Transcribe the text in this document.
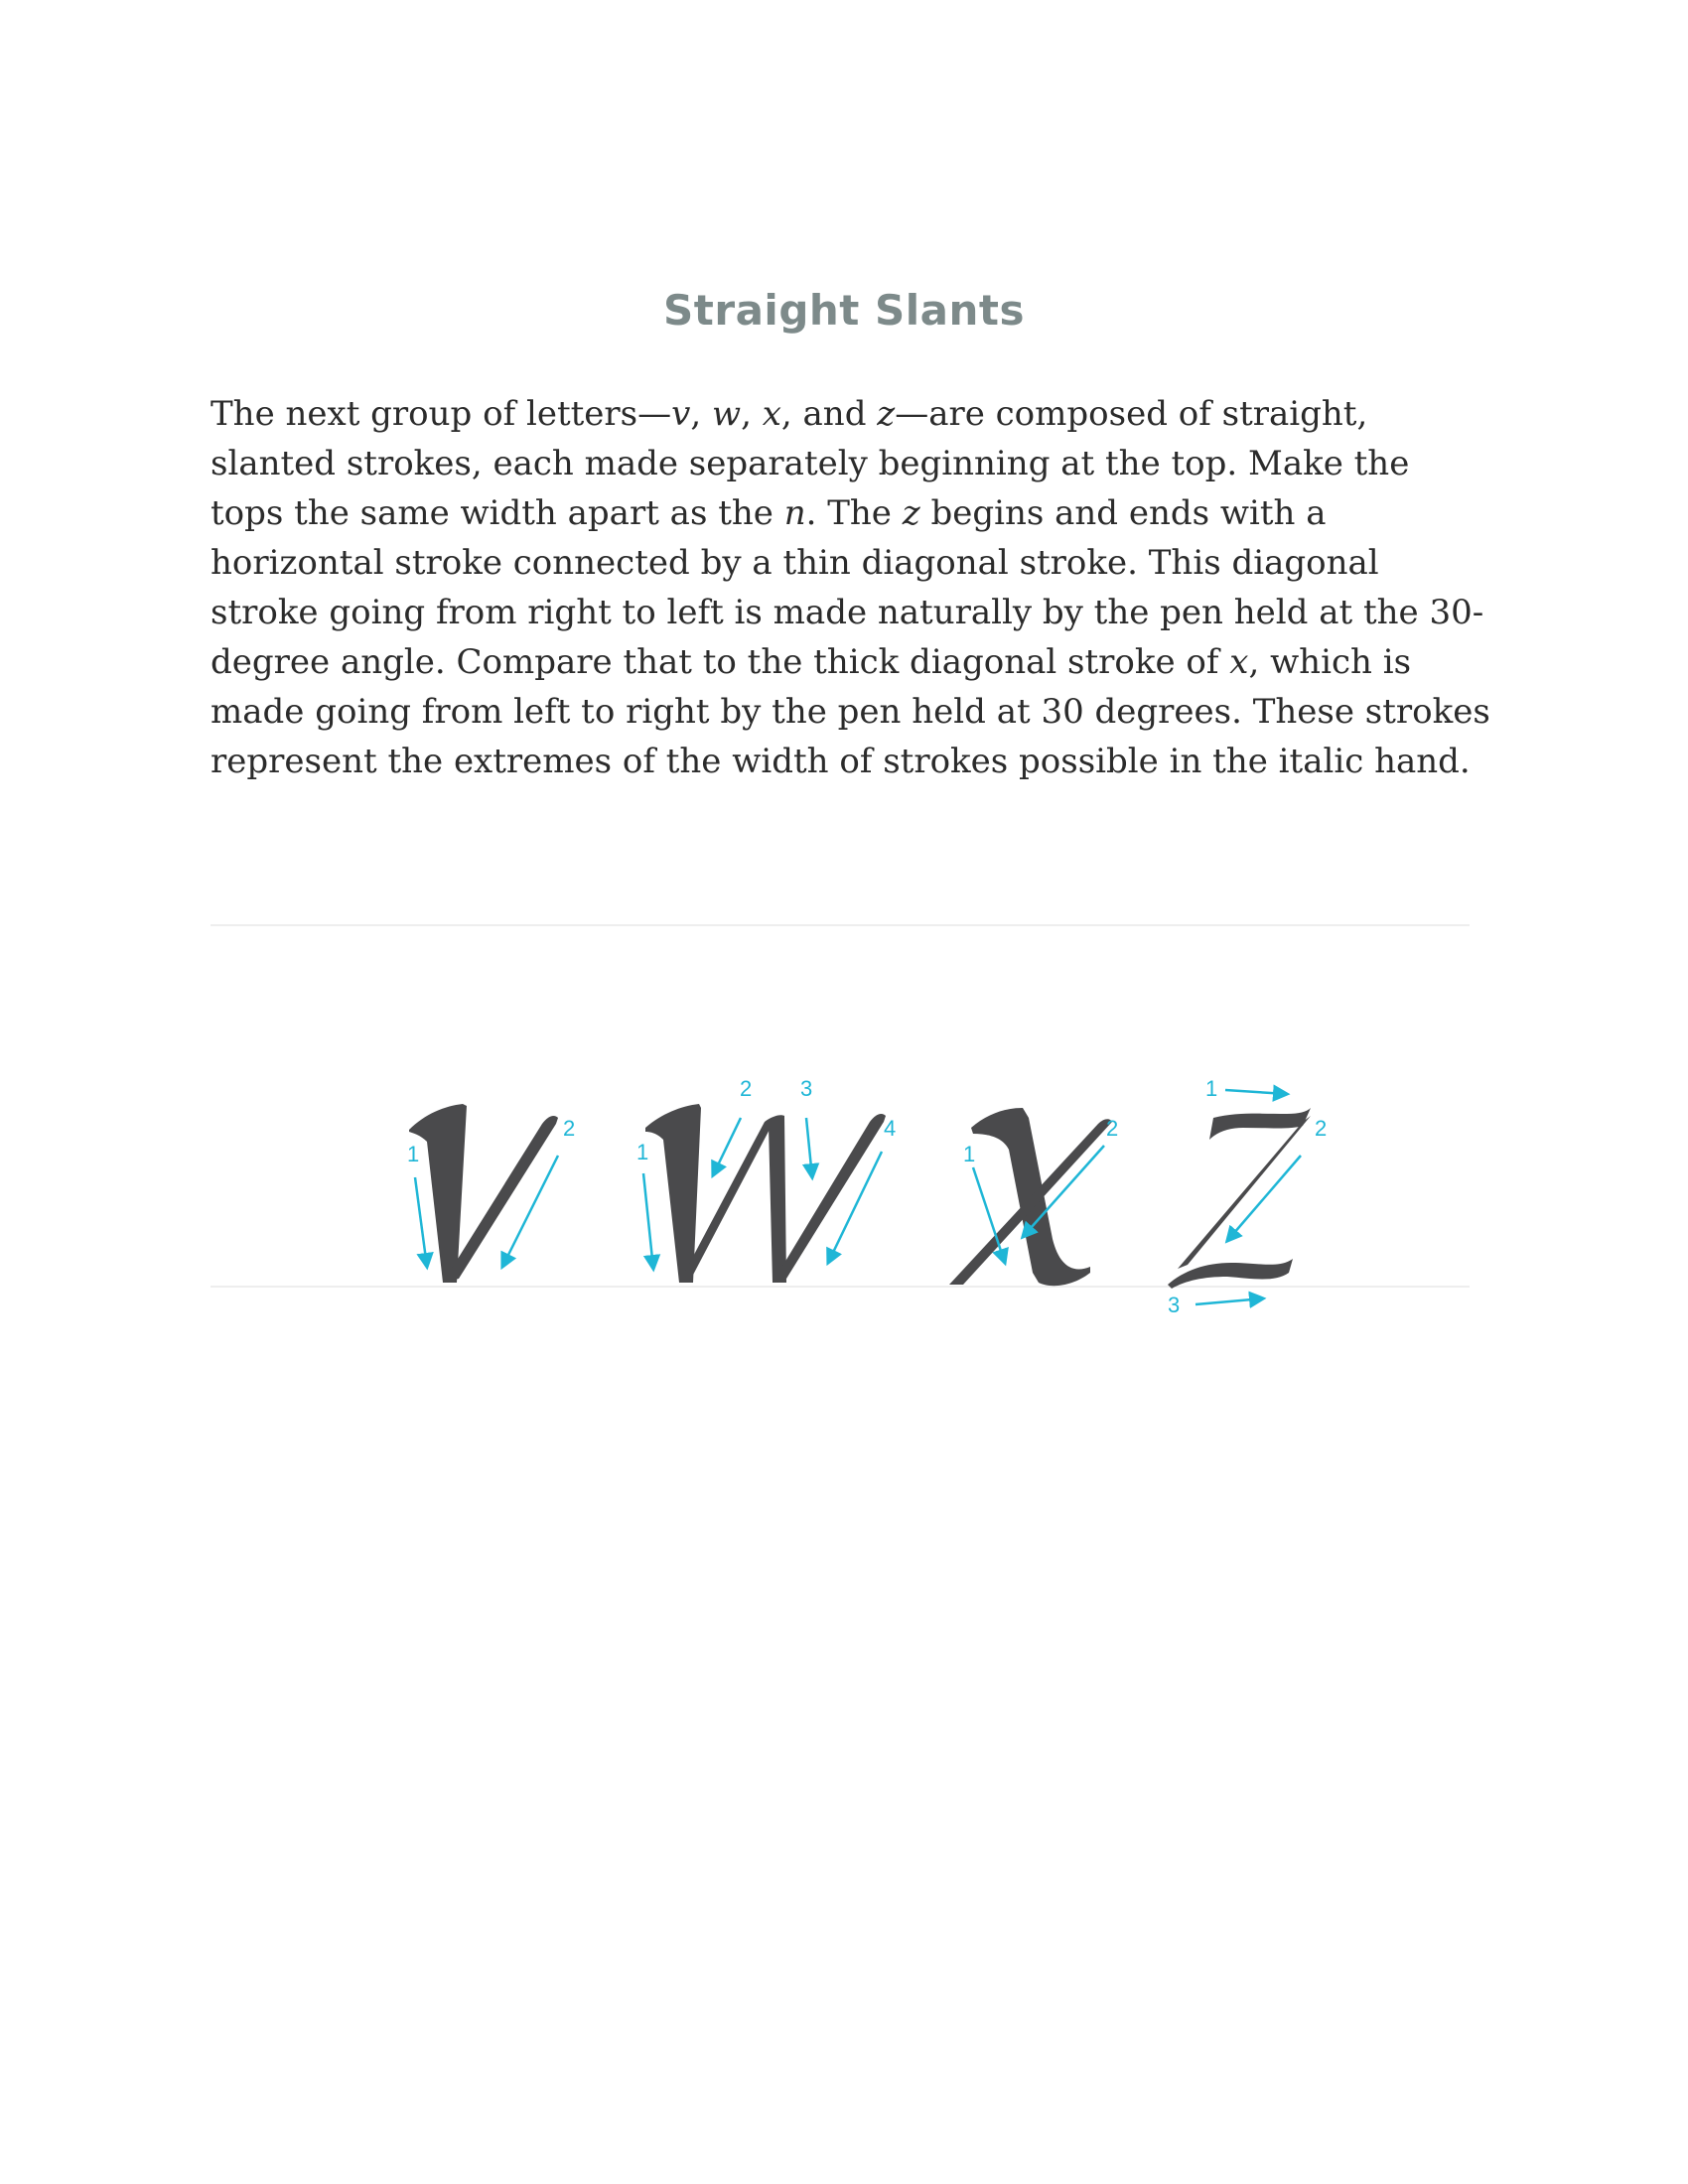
Straight Slants

The next group of letters—v, w, x, and z—are composed of straight, slanted strokes, each made separately beginning at the top. Make the tops the same width apart as the n. The z begins and ends with a horizontal stroke connected by a thin diagonal stroke. This diagonal stroke going from right to left is made naturally by the pen held at the 30-degree angle. Compare that to the thick diagonal stroke of x, which is made going from left to right by the pen held at 30 degrees. These strokes represent the extremes of the width of strokes possible in the italic hand.

1
2
1
2 3
4
1
2
1
2
3
